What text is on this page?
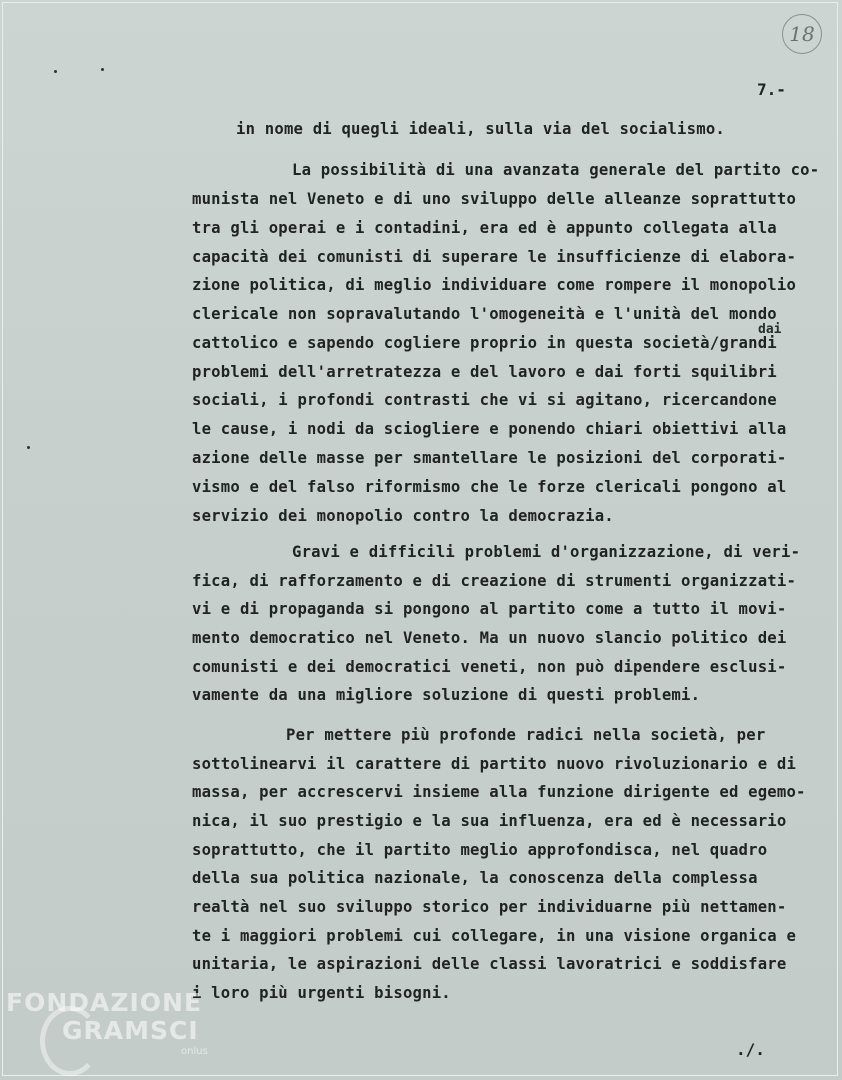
18
7.-
in nome di quegli ideali, sulla via del socialismo.
La possibilità di una avanzata generale del partito co-
munista nel Veneto e di uno sviluppo delle alleanze soprattutto
tra gli operai e i contadini, era ed è appunto collegata alla
capacità dei comunisti di superare le insufficienze di elabora-
zione politica, di meglio individuare come rompere il monopolio
clericale non sopravalutando l'omogeneità e l'unità del mondo
dai
cattolico e sapendo cogliere proprio in questa società/grandi
problemi dell'arretratezza e del lavoro e dai forti squilibri
sociali, i profondi contrasti che vi si agitano, ricercandone
le cause, i nodi da sciogliere e ponendo chiari obiettivi alla
azione delle masse per smantellare le posizioni del corporati-
vismo e del falso riformismo che le forze clericali pongono al
servizio dei monopolio contro la democrazia.
Gravi e difficili problemi d'organizzazione, di veri-
fica, di rafforzamento e di creazione di strumenti organizzati-
vi e di propaganda si pongono al partito come a tutto il movi-
mento democratico nel Veneto. Ma un nuovo slancio politico dei
comunisti e dei democratici veneti, non può dipendere esclusi-
vamente da una migliore soluzione di questi problemi.
Per mettere più profonde radici nella società, per
sottolinearvi il carattere di partito nuovo rivoluzionario e di
massa, per accrescervi insieme alla funzione dirigente ed egemo-
nica, il suo prestigio e la sua influenza, era ed è necessario
soprattutto, che il partito meglio approfondisca, nel quadro
della sua politica nazionale, la conoscenza della complessa
realtà nel suo sviluppo storico per individuarne più nettamen-
te i maggiori problemi cui collegare, in una visione organica e
unitaria, le aspirazioni delle classi lavoratrici e soddisfare
i loro più urgenti bisogni.
./.
FONDAZIONE
GRAMSCI
onlus
